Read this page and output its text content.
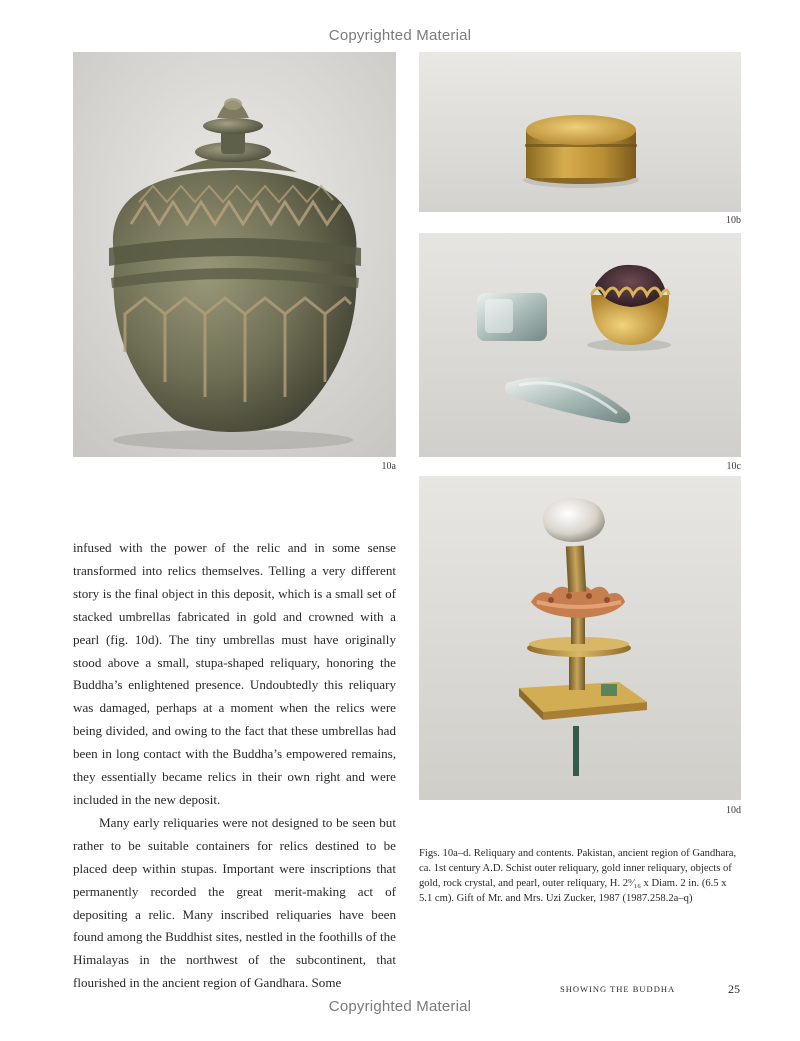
Copyrighted Material
10a
10b
10c
10d

infused with the power of the relic and in some sense transformed into relics themselves. Telling a very different story is the final object in this deposit, which is a small set of stacked umbrellas fabricated in gold and crowned with a pearl (fig. 10d). The tiny umbrellas must have originally stood above a small, stupa-shaped reliquary, honoring the Buddha’s enlightened presence. Undoubtedly this reliquary was damaged, perhaps at a moment when the relics were being divided, and owing to the fact that these umbrellas had been in long contact with the Buddha’s empowered remains, they essentially became relics in their own right and were included in the new deposit.

Many early reliquaries were not designed to be seen but rather to be suitable containers for relics destined to be placed deep within stupas. Important were inscriptions that permanently recorded the great merit-making act of depositing a relic. Many inscribed reliquaries have been found among the Buddhist sites, nestled in the foothills of the Himalayas in the northwest of the subcontinent, that flourished in the ancient region of Gandhara. Some

Figs. 10a–d. Reliquary and contents. Pakistan, ancient region of Gandhara, ca. 1st century A.D. Schist outer reliquary, gold inner reliquary, objects of gold, rock crystal, and pearl, outer reliquary, H. 2⁹⁄₁₆ x Diam. 2 in. (6.5 x 5.1 cm). Gift of Mr. and Mrs. Uzi Zucker, 1987 (1987.258.2a–q)
SHOWING THE BUDDHA	25
Copyrighted Material
